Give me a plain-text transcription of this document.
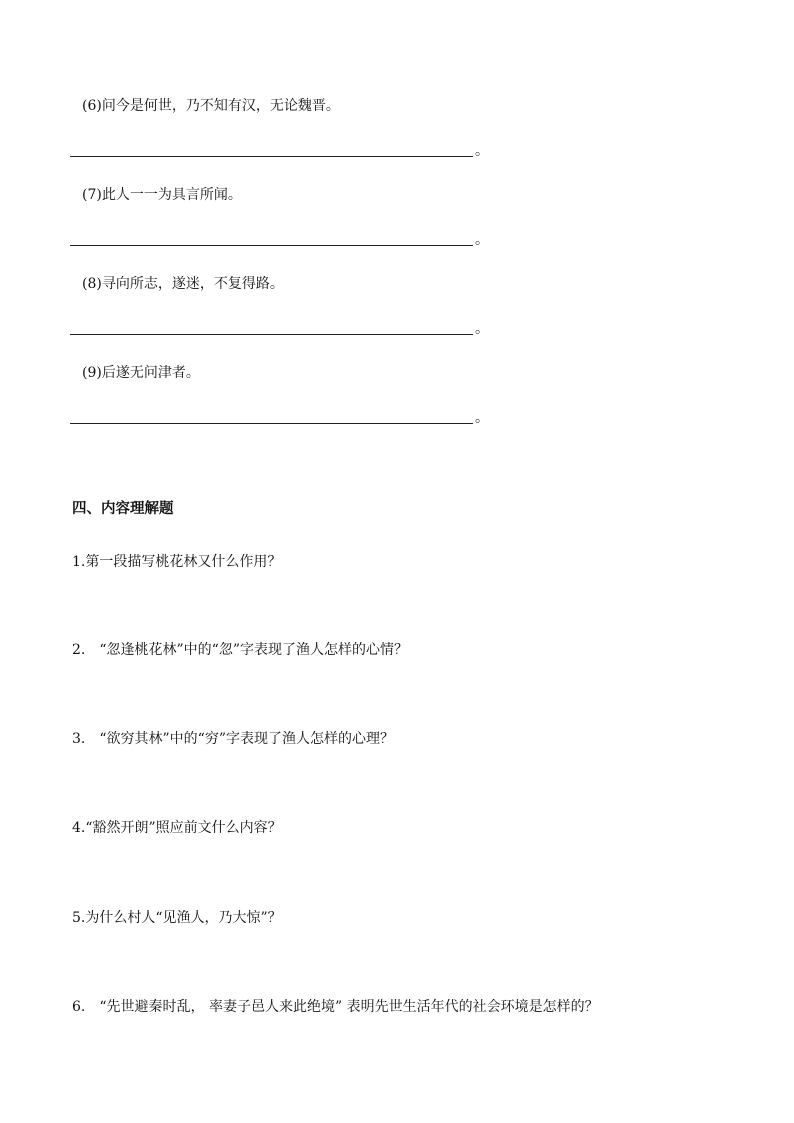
(6)问今是何世，乃不知有汉，无论魏晋。
。
(7)此人一一为具言所闻。
。
(8)寻向所志，遂迷，不复得路。
。
(9)后遂无问津者。
。
四、内容理解题
1.第一段描写桃花林又什么作用？
2. “忽逢桃花林”中的“忽”字表现了渔人怎样的心情？
3. “欲穷其林”中的“穷”字表现了渔人怎样的心理？
4.“豁然开朗”照应前文什么内容？
5.为什么村人“见渔人，乃大惊”？
6. “先世避秦时乱， 率妻子邑人来此绝境” 表明先世生活年代的社会环境是怎样的？
